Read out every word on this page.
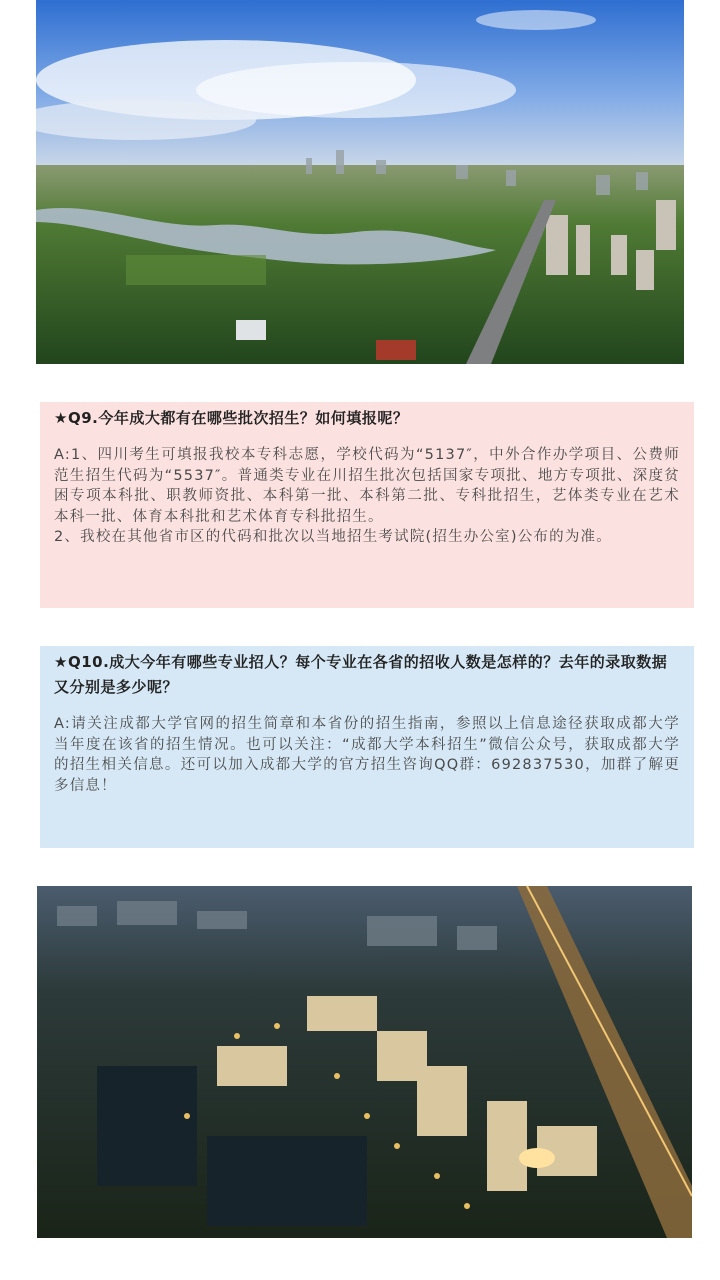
★Q9.今年成大都有在哪些批次招生？如何填报呢？

A:1、四川考生可填报我校本专科志愿，学校代码为“5137″，中外合作办学项目、公费师范生招生代码为“5537″。普通类专业在川招生批次包括国家专项批、地方专项批、深度贫困专项本科批、职教师资批、本科第一批、本科第二批、专科批招生，艺体类专业在艺术本科一批、体育本科批和艺术体育专科批招生。

2、我校在其他省市区的代码和批次以当地招生考试院(招生办公室)公布的为准。

★Q10.成大今年有哪些专业招人？每个专业在各省的招收人数是怎样的？去年的录取数据又分别是多少呢？

A:请关注成都大学官网的招生简章和本省份的招生指南，参照以上信息途径获取成都大学当年度在该省的招生情况。也可以关注：“成都大学本科招生”微信公众号，获取成都大学的招生相关信息。还可以加入成都大学的官方招生咨询QQ群：692837530，加群了解更多信息！
